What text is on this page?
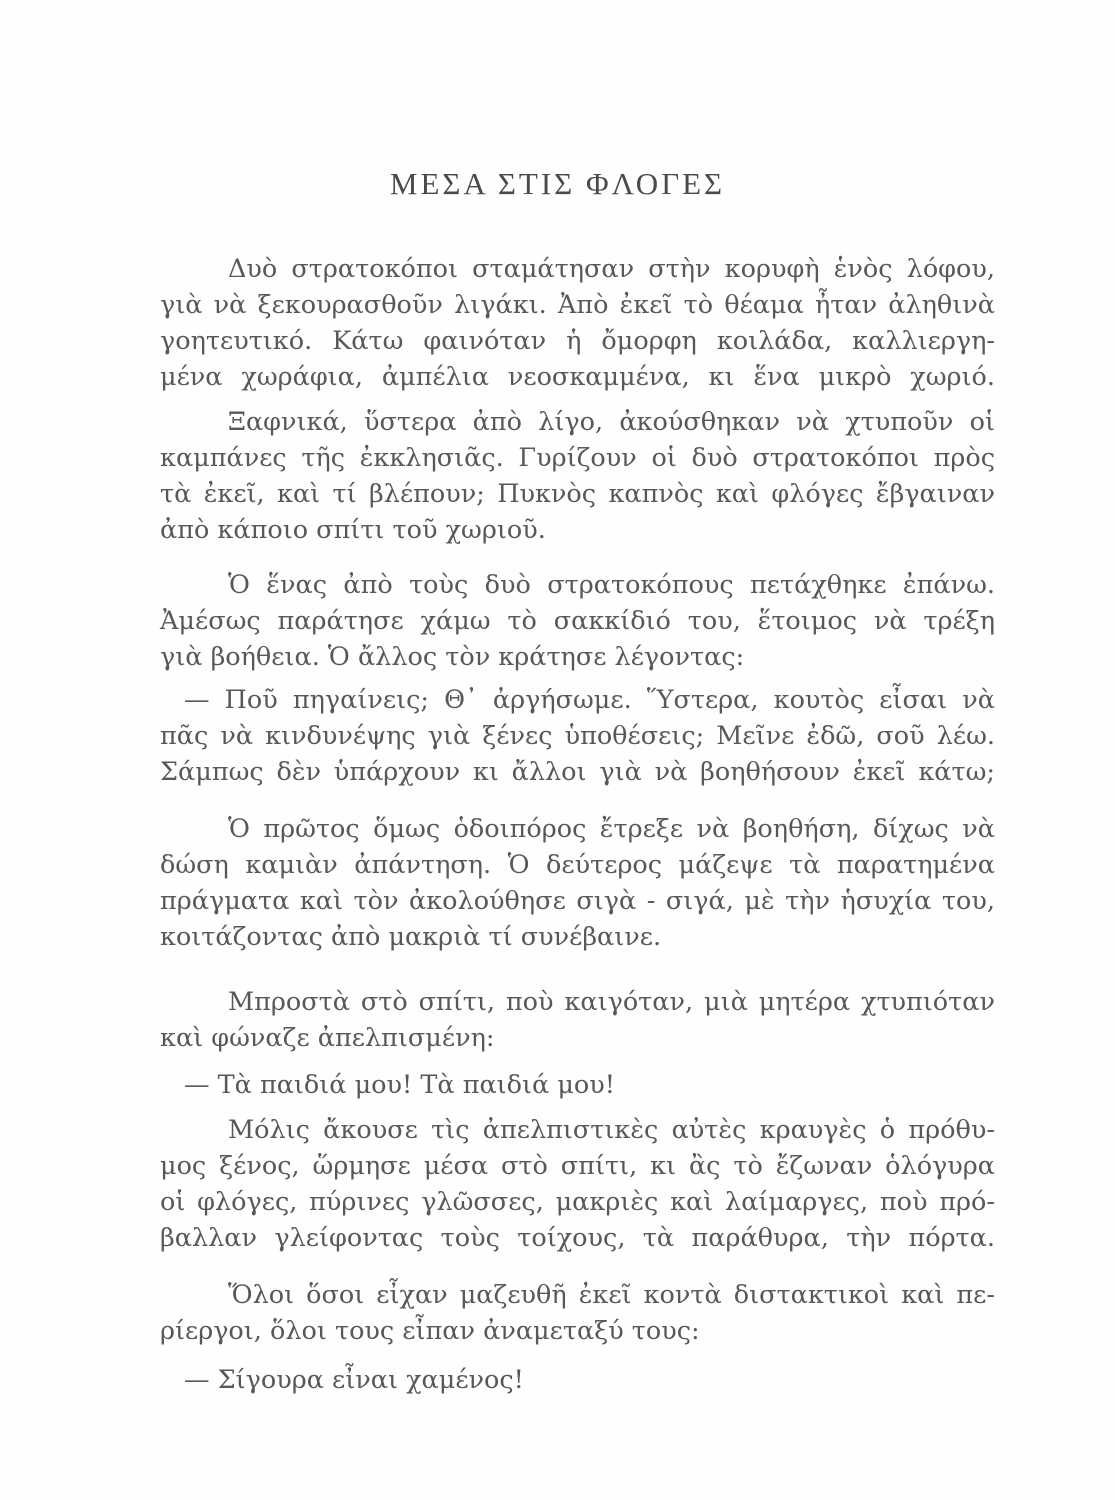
ΜΕΣΑ ΣΤΙΣ ΦΛΟΓΕΣ
Δυὸ στρατοκόποι σταμάτησαν στὴν κορυφὴ ἑνὸς λόφου,
γιὰ νὰ ξεκουρασθοῦν λιγάκι. Ἀπὸ ἐκεῖ τὸ θέαμα ἦταν ἀληθινὰ
γοητευτικό. Κάτω φαινόταν ἡ ὄμορφη κοιλάδα, καλλιεργη-
μένα χωράφια, ἀμπέλια νεοσκαμμένα, κι ἕνα μικρὸ χωριό.
Ξαφνικά, ὕστερα ἀπὸ λίγο, ἀκούσθηκαν νὰ χτυποῦν οἱ
καμπάνες τῆς ἐκκλησιᾶς. Γυρίζουν οἱ δυὸ στρατοκόποι πρὸς
τὰ ἐκεῖ, καὶ τί βλέπουν; Πυκνὸς καπνὸς καὶ φλόγες ἔβγαιναν
ἀπὸ κάποιο σπίτι τοῦ χωριοῦ.
Ὁ ἕνας ἀπὸ τοὺς δυὸ στρατοκόπους πετάχθηκε ἐπάνω.
Ἀμέσως παράτησε χάμω τὸ σακκίδιό του, ἕτοιμος νὰ τρέξη
γιὰ βοήθεια. Ὁ ἄλλος τὸν κράτησε λέγοντας:
— Ποῦ πηγαίνεις; Θ᾿ ἀργήσωμε. Ὕστερα, κουτὸς εἶσαι νὰ
πᾶς νὰ κινδυνέψης γιὰ ξένες ὑποθέσεις; Μεῖνε ἐδῶ, σοῦ λέω.
Σάμπως δὲν ὑπάρχουν κι ἄλλοι γιὰ νὰ βοηθήσουν ἐκεῖ κάτω;
Ὁ πρῶτος ὅμως ὁδοιπόρος ἔτρεξε νὰ βοηθήση, δίχως νὰ
δώση καμιὰν ἀπάντηση. Ὁ δεύτερος μάζεψε τὰ παρατημένα
πράγματα καὶ τὸν ἀκολούθησε σιγὰ - σιγά, μὲ τὴν ἡσυχία του,
κοιτάζοντας ἀπὸ μακριὰ τί συνέβαινε.
Μπροστὰ στὸ σπίτι, ποὺ καιγόταν, μιὰ μητέρα χτυπιόταν
καὶ φώναζε ἀπελπισμένη:
— Τὰ παιδιά μου! Τὰ παιδιά μου!
Μόλις ἄκουσε τὶς ἀπελπιστικὲς αὐτὲς κραυγὲς ὁ πρόθυ-
μος ξένος, ὥρμησε μέσα στὸ σπίτι, κι ἂς τὸ ἔζωναν ὁλόγυρα
οἱ φλόγες, πύρινες γλῶσσες, μακριὲς καὶ λαίμαργες, ποὺ πρό-
βαλλαν γλείφοντας τοὺς τοίχους, τὰ παράθυρα, τὴν πόρτα.
Ὅλοι ὅσοι εἶχαν μαζευθῆ ἐκεῖ κοντὰ διστακτικοὶ καὶ πε-
ρίεργοι, ὅλοι τους εἶπαν ἀναμεταξύ τους:
— Σίγουρα εἶναι χαμένος!
